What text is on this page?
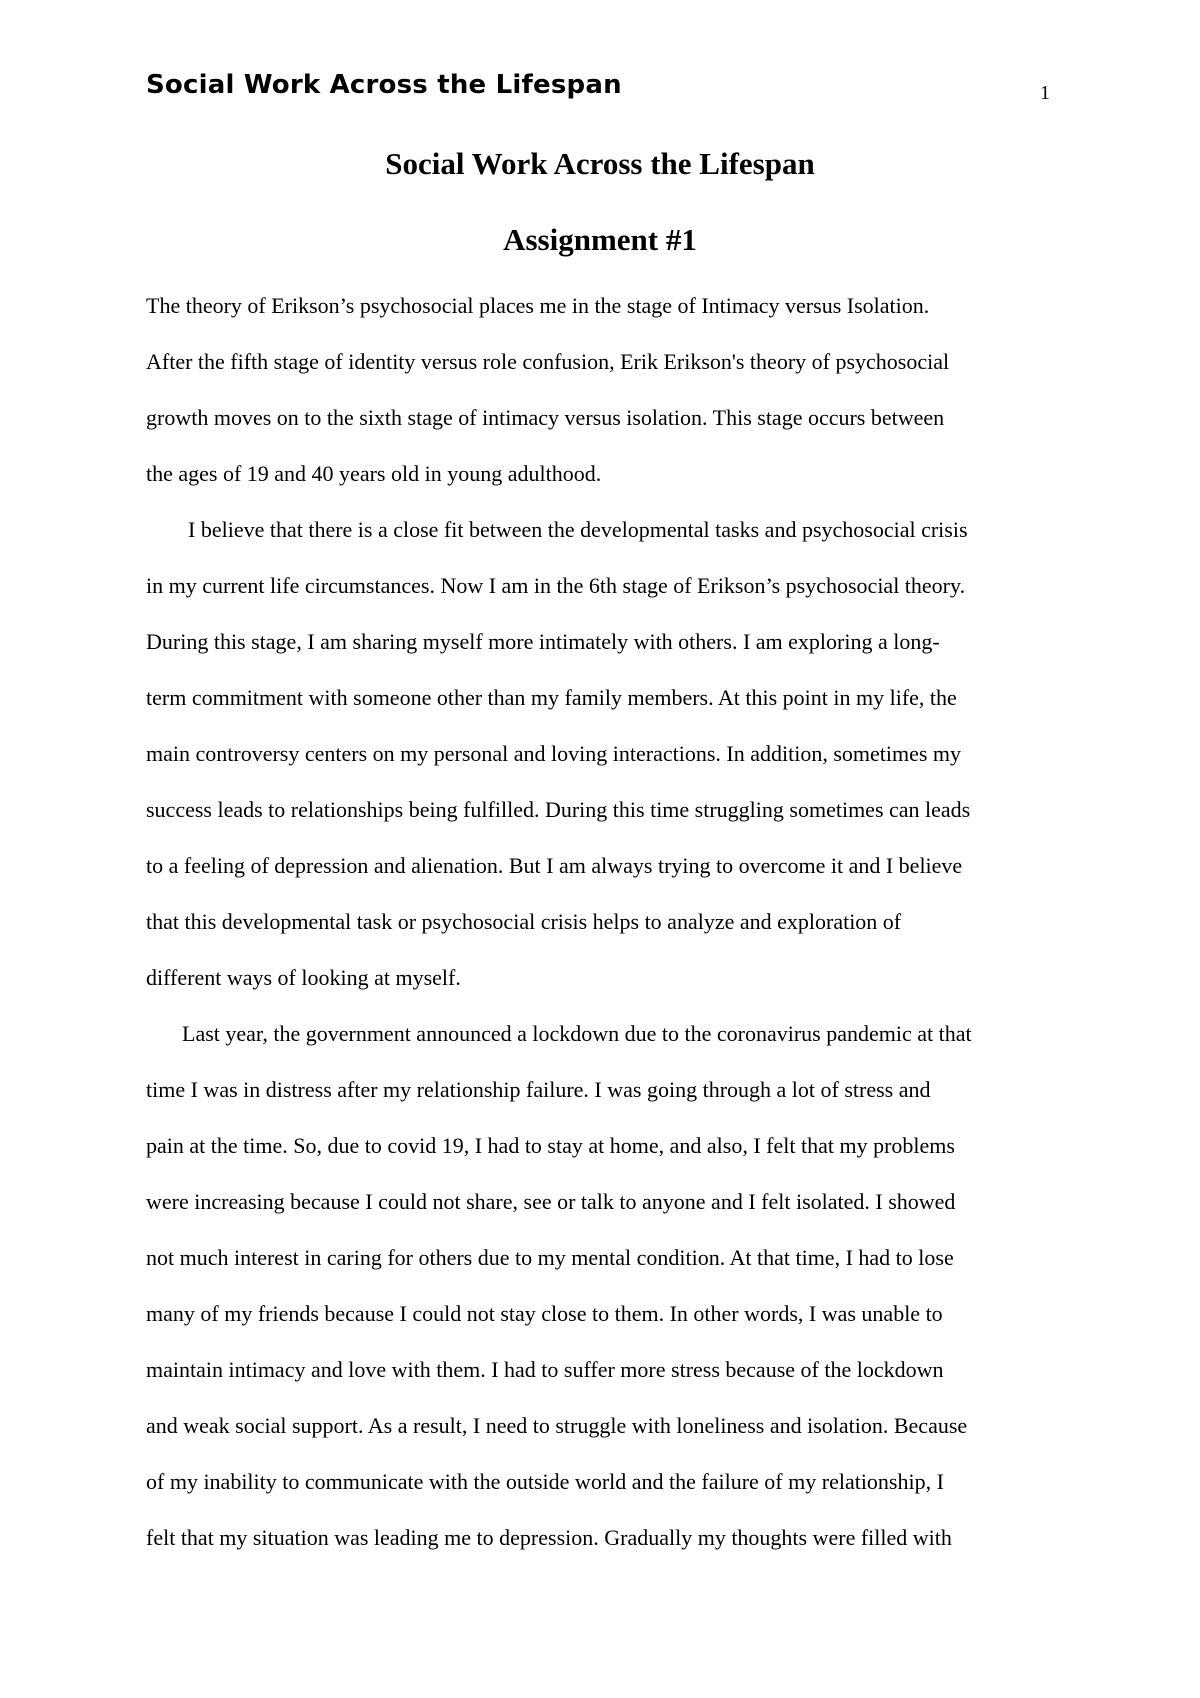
Social Work Across the Lifespan	1
Social Work Across the Lifespan
Assignment #1
The theory of Erikson’s psychosocial places me in the stage of Intimacy versus Isolation.
After the fifth stage of identity versus role confusion, Erik Erikson's theory of psychosocial
growth moves on to the sixth stage of intimacy versus isolation. This stage occurs between
the ages of 19 and 40 years old in young adulthood.
I believe that there is a close fit between the developmental tasks and psychosocial crisis
in my current life circumstances. Now I am in the 6th stage of Erikson’s psychosocial theory.
During this stage, I am sharing myself more intimately with others. I am exploring a long-
term commitment with someone other than my family members. At this point in my life, the
main controversy centers on my personal and loving interactions. In addition, sometimes my
success leads to relationships being fulfilled. During this time struggling sometimes can leads
to a feeling of depression and alienation. But I am always trying to overcome it and I believe
that this developmental task or psychosocial crisis helps to analyze and exploration of
different ways of looking at myself.
Last year, the government announced a lockdown due to the coronavirus pandemic at that
time I was in distress after my relationship failure. I was going through a lot of stress and
pain at the time. So, due to covid 19, I had to stay at home, and also, I felt that my problems
were increasing because I could not share, see or talk to anyone and I felt isolated. I showed
not much interest in caring for others due to my mental condition. At that time, I had to lose
many of my friends because I could not stay close to them. In other words, I was unable to
maintain intimacy and love with them. I had to suffer more stress because of the lockdown
and weak social support. As a result, I need to struggle with loneliness and isolation. Because
of my inability to communicate with the outside world and the failure of my relationship, I
felt that my situation was leading me to depression. Gradually my thoughts were filled with
